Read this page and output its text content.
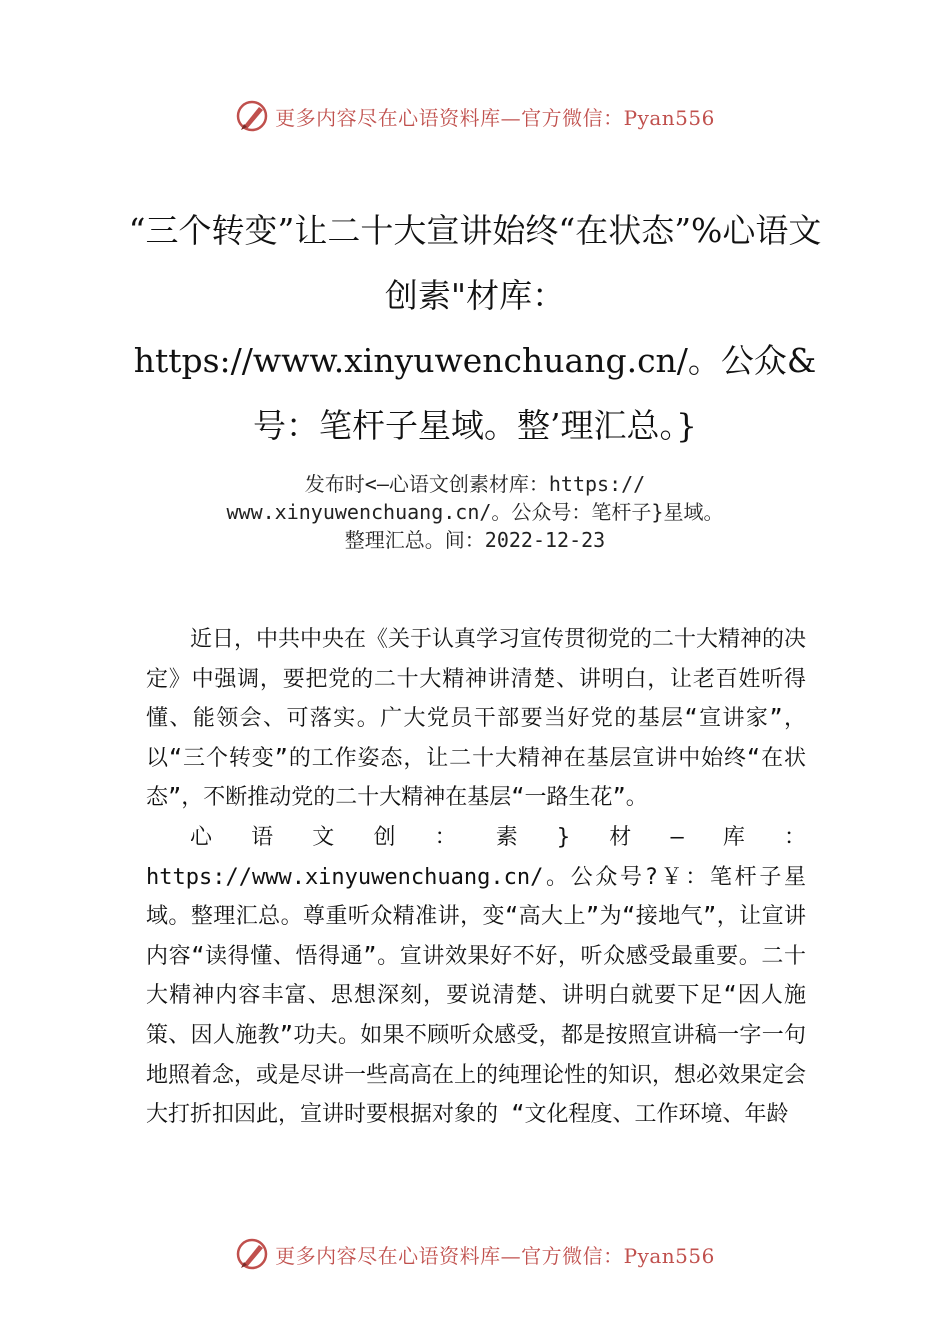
更多内容尽在心语资料库—官方微信：Pyan556
“三个转变”让二十大宣讲始终“在状态”%心语文创素"材库：https://www.xinyuwenchuang.cn/。公众&号：笔杆子星域。整’理汇总。}
发布时<—心语文创素材库：https://
www.xinyuwenchuang.cn/。公众号：笔杆子}星域。
整理汇总。间：2022-12-23

近日，中共中央在《关于认真学习宣传贯彻党的二十大精神的决定》中强调，要把党的二十大精神讲清楚、讲明白，让老百姓听得懂、能领会、可落实。广大党员干部要当好党的基层“宣讲家”，以“三个转变”的工作姿态，让二十大精神在基层宣讲中始终“在状态”，不断推动党的二十大精神在基层“一路生花”。

心语文创：素}材—库：https://www.xinyuwenchuang.cn/。公众号?￥：笔杆子星域。整理汇总。尊重听众精准讲，变“高大上”为“接地气”，让宣讲内容“读得懂、悟得通”。宣讲效果好不好，听众感受最重要。二十大精神内容丰富、思想深刻，要说清楚、讲明白就要下足“因人施策、因人施教”功夫。如果不顾听众感受，都是按照宣讲稿一字一句地照着念，或是尽讲一些高高在上的纯理论性的知识，想必效果定会大打折扣因此，宣讲时要根据对象的 “文化程度、工作环境、年龄

更多内容尽在心语资料库—官方微信：Pyan556
